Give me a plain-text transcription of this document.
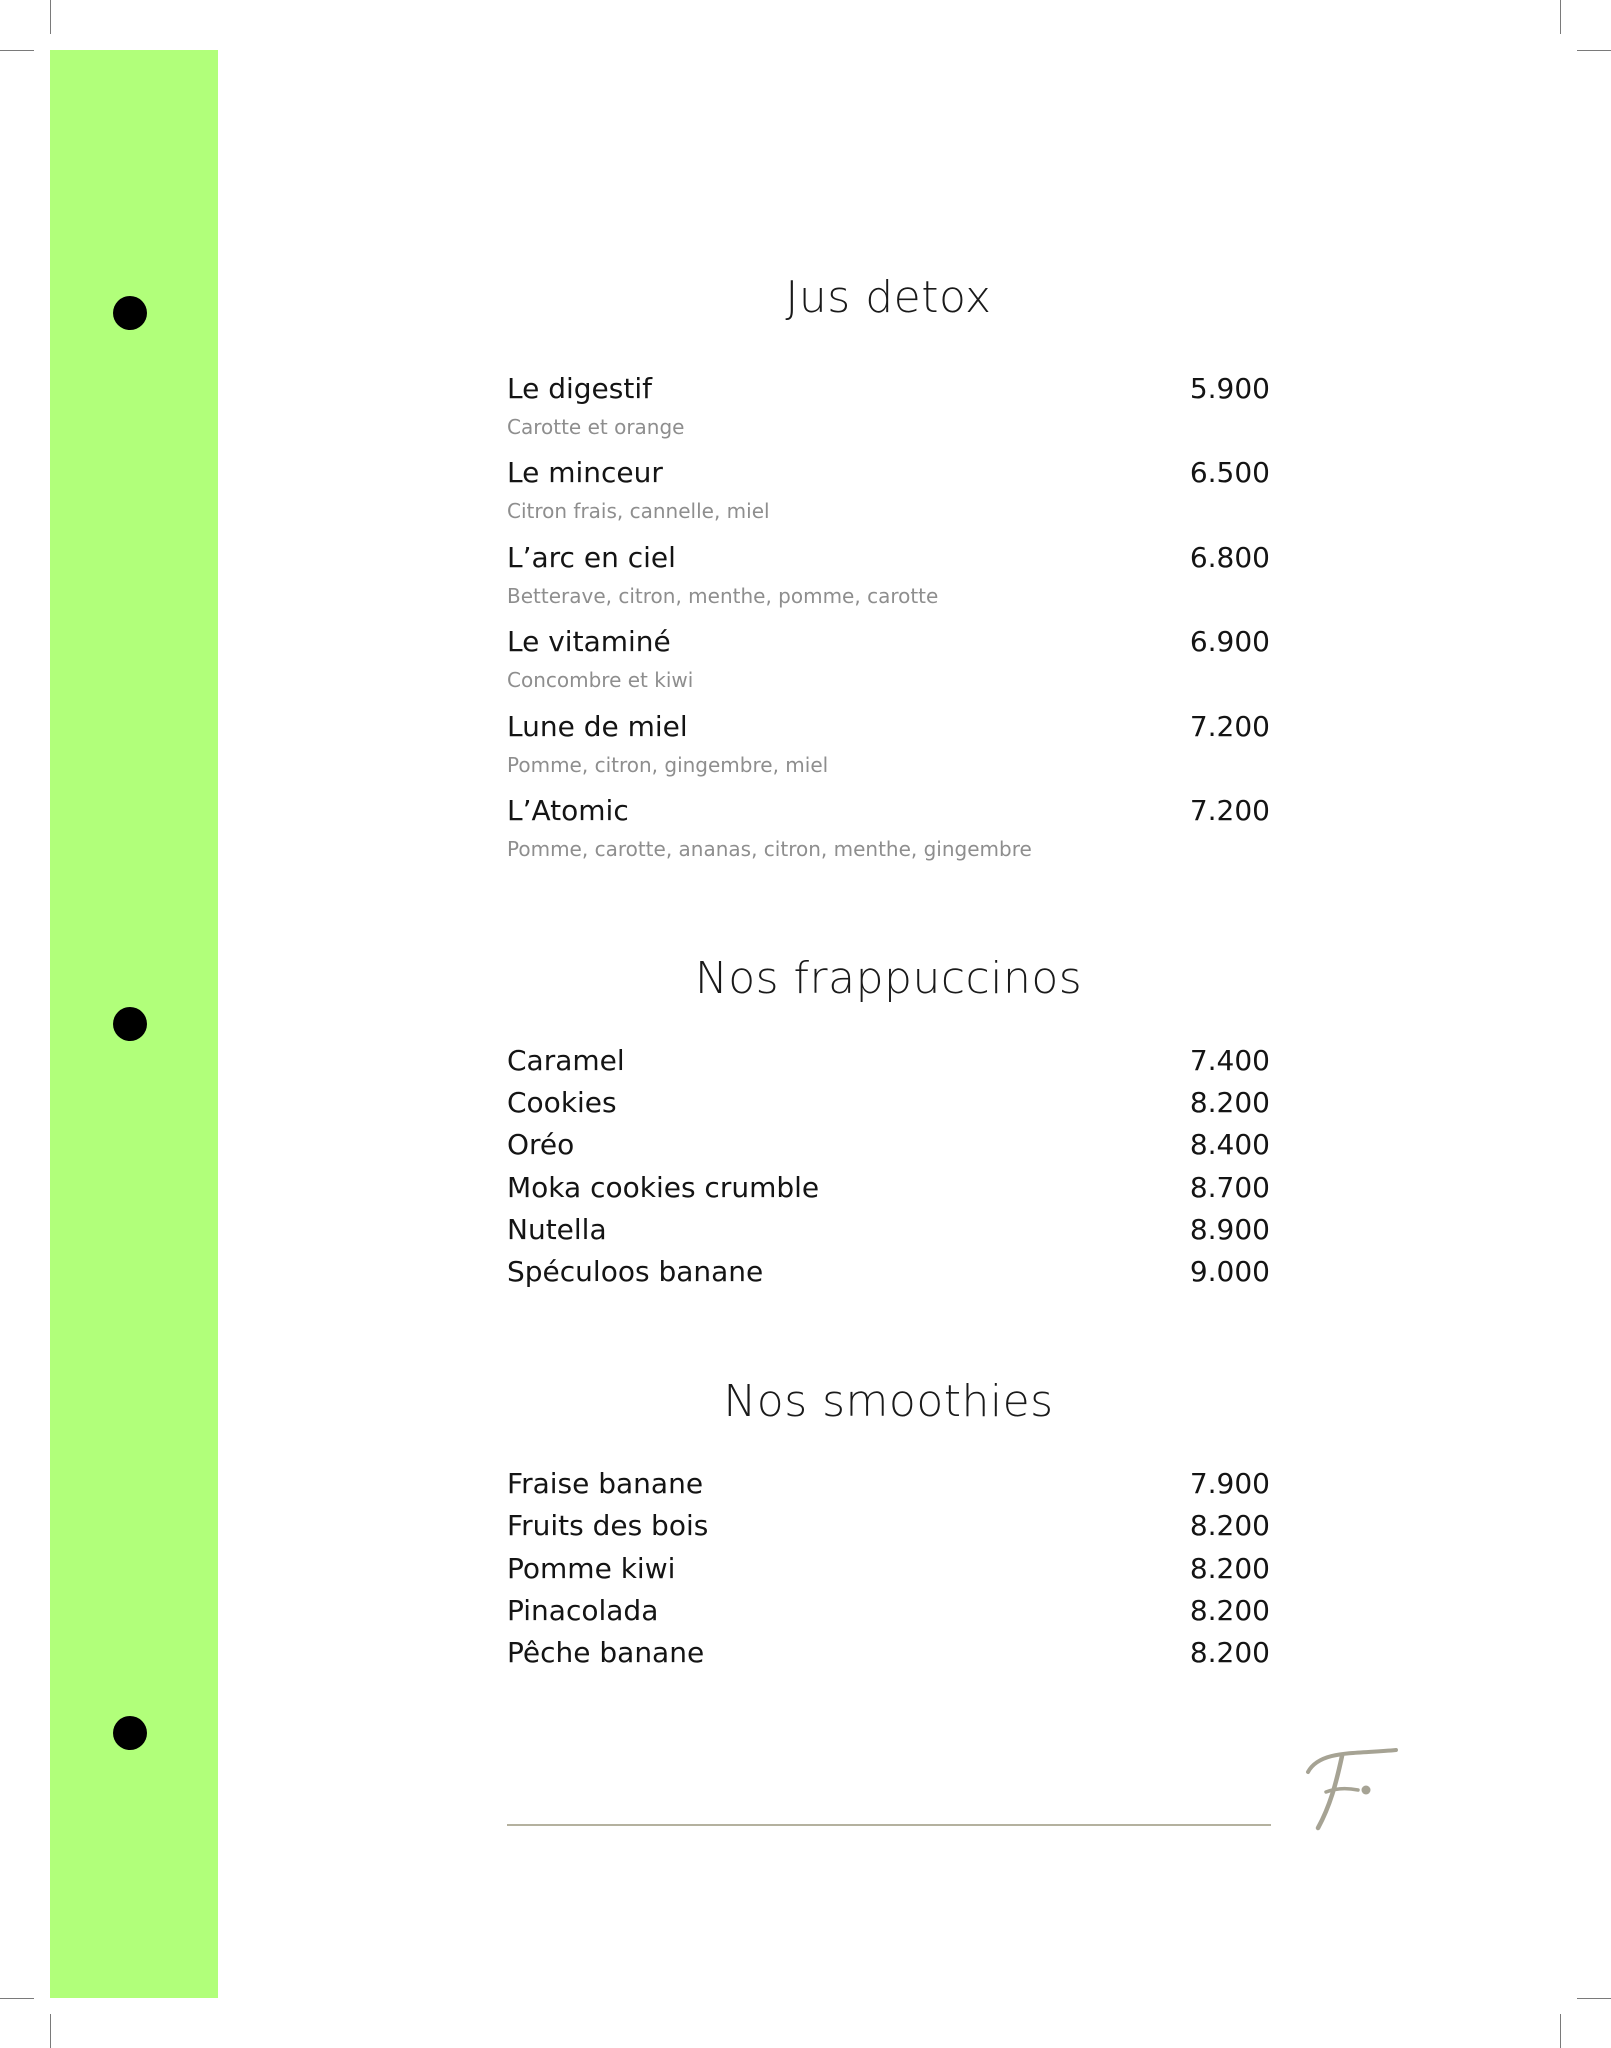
Jus detox
Le digestif	5.900
Carotte et orange
Le minceur	6.500
Citron frais, cannelle, miel
L’arc en ciel	6.800
Betterave, citron, menthe, pomme, carotte
Le vitaminé	6.900
Concombre et kiwi
Lune de miel	7.200
Pomme, citron, gingembre, miel
L’Atomic	7.200
Pomme, carotte, ananas, citron, menthe, gingembre
Nos frappuccinos
Caramel	7.400
Cookies	8.200
Oréo	8.400
Moka cookies crumble	8.700
Nutella	8.900
Spéculoos banane	9.000
Nos smoothies
Fraise banane	7.900
Fruits des bois	8.200
Pomme kiwi	8.200
Pinacolada	8.200
Pêche banane	8.200
